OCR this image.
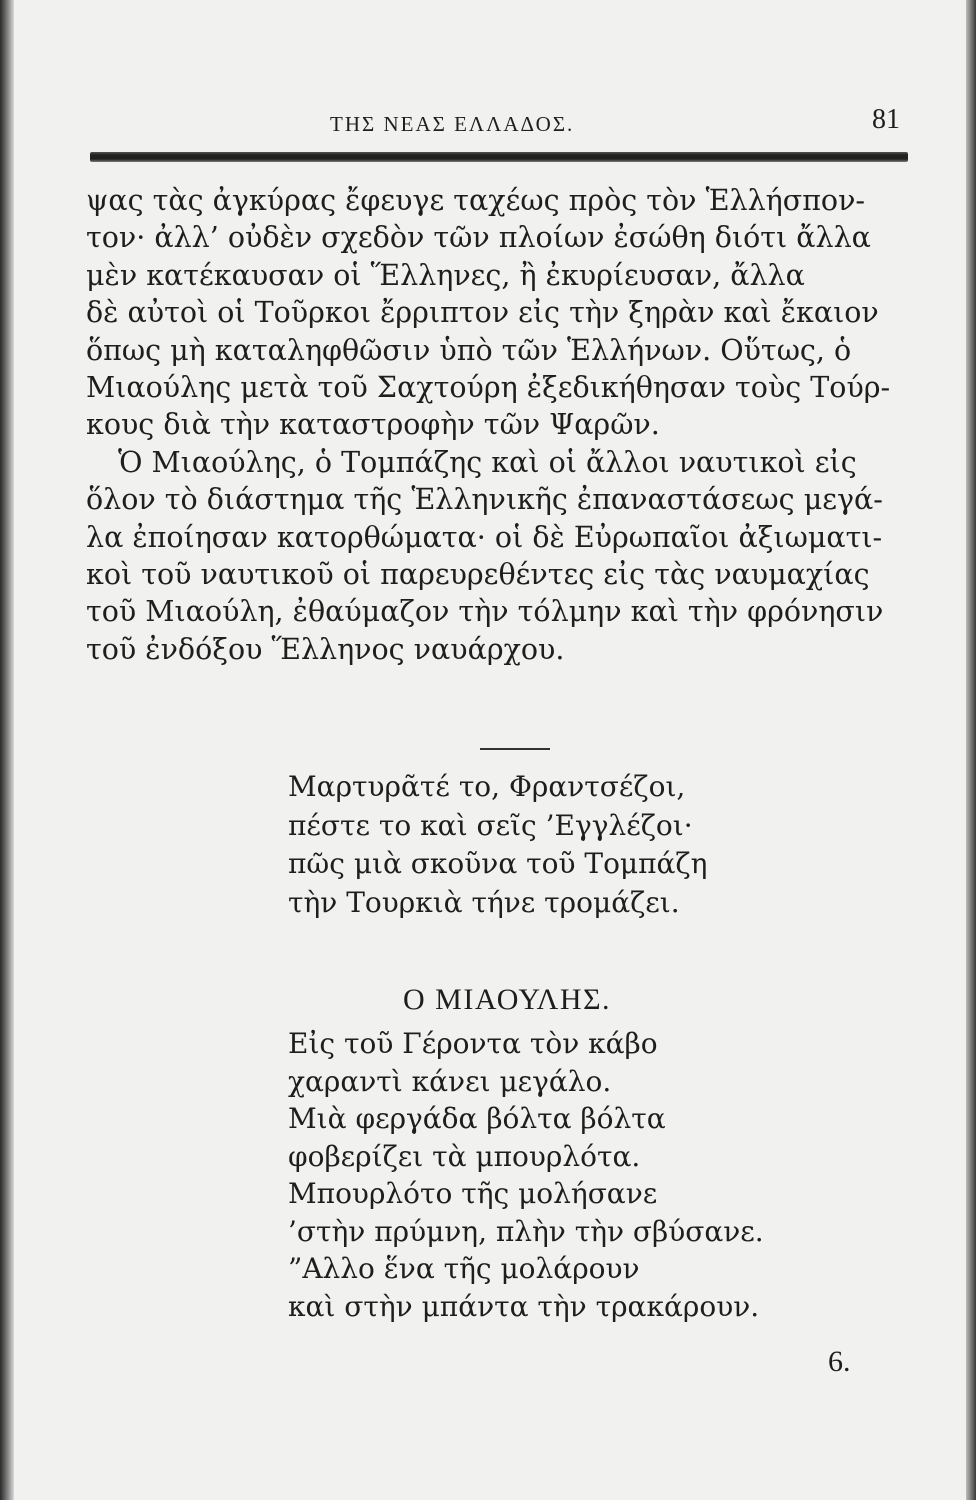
ΤΗΣ ΝΕΑΣ ΕΛΛΑΔΟΣ.	81
ψας τὰς ἀγκύρας ἔφευγε ταχέως πρὸς τὸν Ἑλλήσπον-
τον· ἀλλ’ οὐδὲν σχεδὸν τῶν πλοίων ἐσώθη διότι ἄλλα
μὲν κατέκαυσαν οἱ Ἕλληνες, ἢ ἐκυρίευσαν, ἄλλα
δὲ αὐτοὶ οἱ Τοῦρκοι ἔρριπτον εἰς τὴν ξηρὰν καὶ ἔκαιον
ὅπως μὴ καταληφθῶσιν ὑπὸ τῶν Ἑλλήνων. Οὕτως, ὁ
Μιαούλης μετὰ τοῦ Σαχτούρη ἐξεδικήθησαν τοὺς Τούρ-
κους διὰ τὴν καταστροφὴν τῶν Ψαρῶν.
Ὁ Μιαούλης, ὁ Τομπάζης καὶ οἱ ἄλλοι ναυτικοὶ εἰς
ὅλον τὸ διάστημα τῆς Ἑλληνικῆς ἐπαναστάσεως μεγά-
λα ἐποίησαν κατορθώματα· οἱ δὲ Εὐρωπαῖοι ἀξιωματι-
κοὶ τοῦ ναυτικοῦ οἱ παρευρεθέντες εἰς τὰς ναυμαχίας
τοῦ Μιαούλη, ἐθαύμαζον τὴν τόλμην καὶ τὴν φρόνησιν
τοῦ ἐνδόξου Ἕλληνος ναυάρχου.
Μαρτυρᾶτέ το, Φραντσέζοι,
πέστε το καὶ σεῖς ’Εγγλέζοι·
πῶς μιὰ σκοῦνα τοῦ Τομπάζη
τὴν Τουρκιὰ τήνε τρομάζει.
Ο ΜΙΑΟΥΛΗΣ.
Εἰς τοῦ Γέροντα τὸν κάβο
χαραντὶ κάνει μεγάλο.
Μιὰ φεργάδα βόλτα βόλτα
φοβερίζει τὰ μπουρλότα.
Μπουρλότο τῆς μολήσανε
’στὴν πρύμνη, πλὴν τὴν σβύσανε.
”Αλλο ἕνα τῆς μολάρουν
καὶ στὴν μπάντα τὴν τρακάρουν.
6.
